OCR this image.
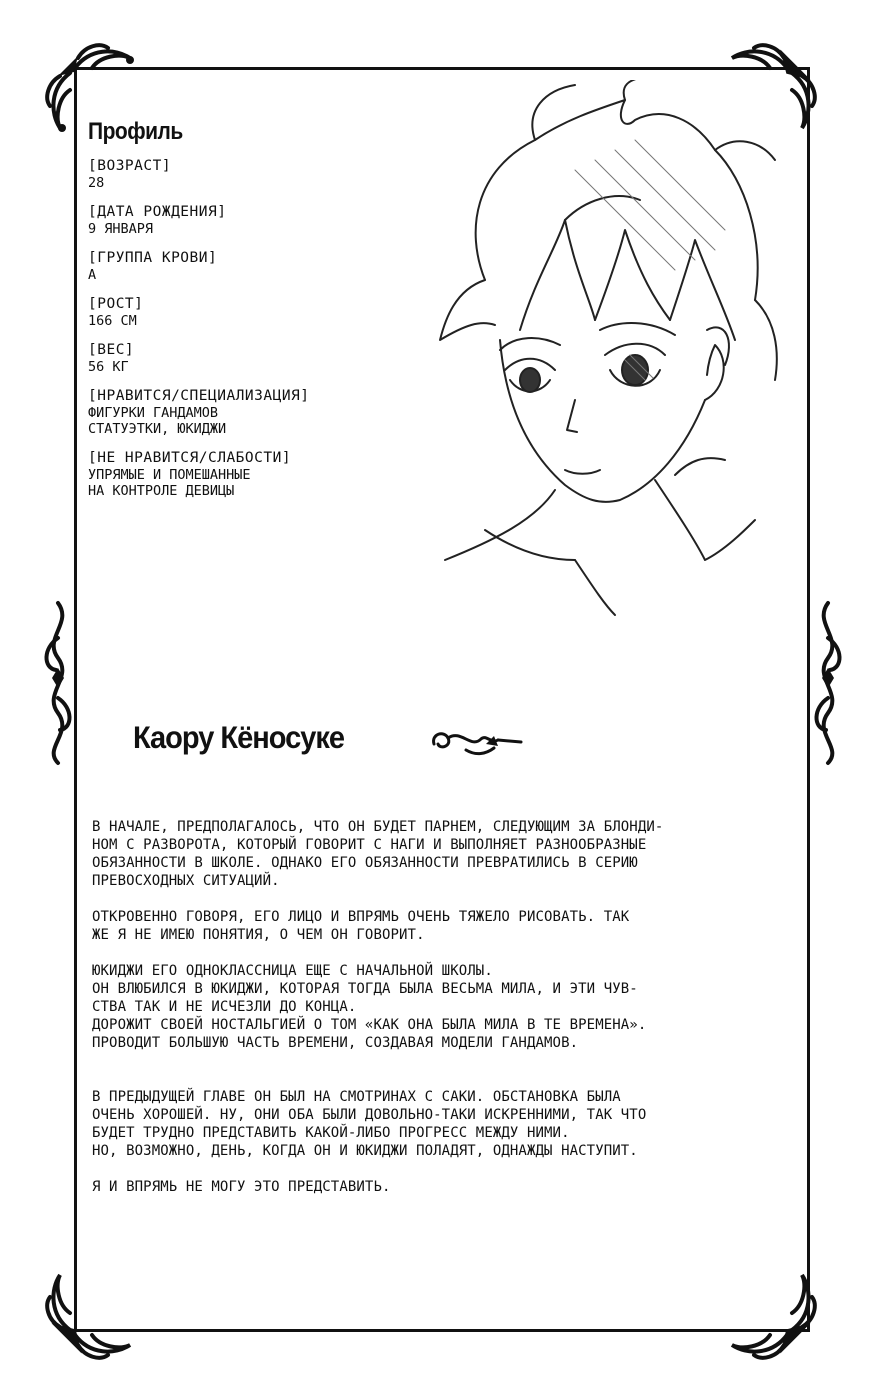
Профиль
[ВОЗРАСТ]
28
[ДАТА РОЖДЕНИЯ]
9 ЯНВАРЯ
[ГРУППА КРОВИ]
А
[РОСТ]
166 СМ
[ВЕС]
56 КГ
[НРАВИТСЯ/СПЕЦИАЛИЗАЦИЯ]
ФИГУРКИ ГАНДАМОВ
СТАТУЭТКИ, ЮКИДЖИ
[НЕ НРАВИТСЯ/СЛАБОСТИ]
УПРЯМЫЕ И ПОМЕШАННЫЕ
НА КОНТРОЛЕ ДЕВИЦЫ
Каору Кёносуке
В НАЧАЛЕ, ПРЕДПОЛАГАЛОСЬ, ЧТО ОН БУДЕТ ПАРНЕМ, СЛЕДУЮЩИМ ЗА БЛОНДИ-
НОМ С РАЗВОРОТА, КОТОРЫЙ ГОВОРИТ С НАГИ И ВЫПОЛНЯЕТ РАЗНООБРАЗНЫЕ
ОБЯЗАННОСТИ В ШКОЛЕ. ОДНАКО ЕГО ОБЯЗАННОСТИ ПРЕВРАТИЛИСЬ В СЕРИЮ
ПРЕВОСХОДНЫХ СИТУАЦИЙ.
ОТКРОВЕННО ГОВОРЯ, ЕГО ЛИЦО И ВПРЯМЬ ОЧЕНЬ ТЯЖЕЛО РИСОВАТЬ. ТАК
ЖЕ Я НЕ ИМЕЮ ПОНЯТИЯ, О ЧЕМ ОН ГОВОРИТ.
ЮКИДЖИ ЕГО ОДНОКЛАССНИЦА ЕЩЕ С НАЧАЛЬНОЙ ШКОЛЫ.
ОН ВЛЮБИЛСЯ В ЮКИДЖИ, КОТОРАЯ ТОГДА БЫЛА ВЕСЬМА МИЛА, И ЭТИ ЧУВ-
СТВА ТАК И НЕ ИСЧЕЗЛИ ДО КОНЦА.
ДОРОЖИТ СВОЕЙ НОСТАЛЬГИЕЙ О ТОМ «КАК ОНА БЫЛА МИЛА В ТЕ ВРЕМЕНА».
ПРОВОДИТ БОЛЬШУЮ ЧАСТЬ ВРЕМЕНИ, СОЗДАВАЯ МОДЕЛИ ГАНДАМОВ.
В ПРЕДЫДУЩЕЙ ГЛАВЕ ОН БЫЛ НА СМОТРИНАХ С САКИ. ОБСТАНОВКА БЫЛА
ОЧЕНЬ ХОРОШЕЙ. НУ, ОНИ ОБА БЫЛИ ДОВОЛЬНО-ТАКИ ИСКРЕННИМИ, ТАК ЧТО
БУДЕТ ТРУДНО ПРЕДСТАВИТЬ КАКОЙ-ЛИБО ПРОГРЕСС МЕЖДУ НИМИ.
НО, ВОЗМОЖНО, ДЕНЬ, КОГДА ОН И ЮКИДЖИ ПОЛАДЯТ, ОДНАЖДЫ НАСТУПИТ.
Я И ВПРЯМЬ НЕ МОГУ ЭТО ПРЕДСТАВИТЬ.
